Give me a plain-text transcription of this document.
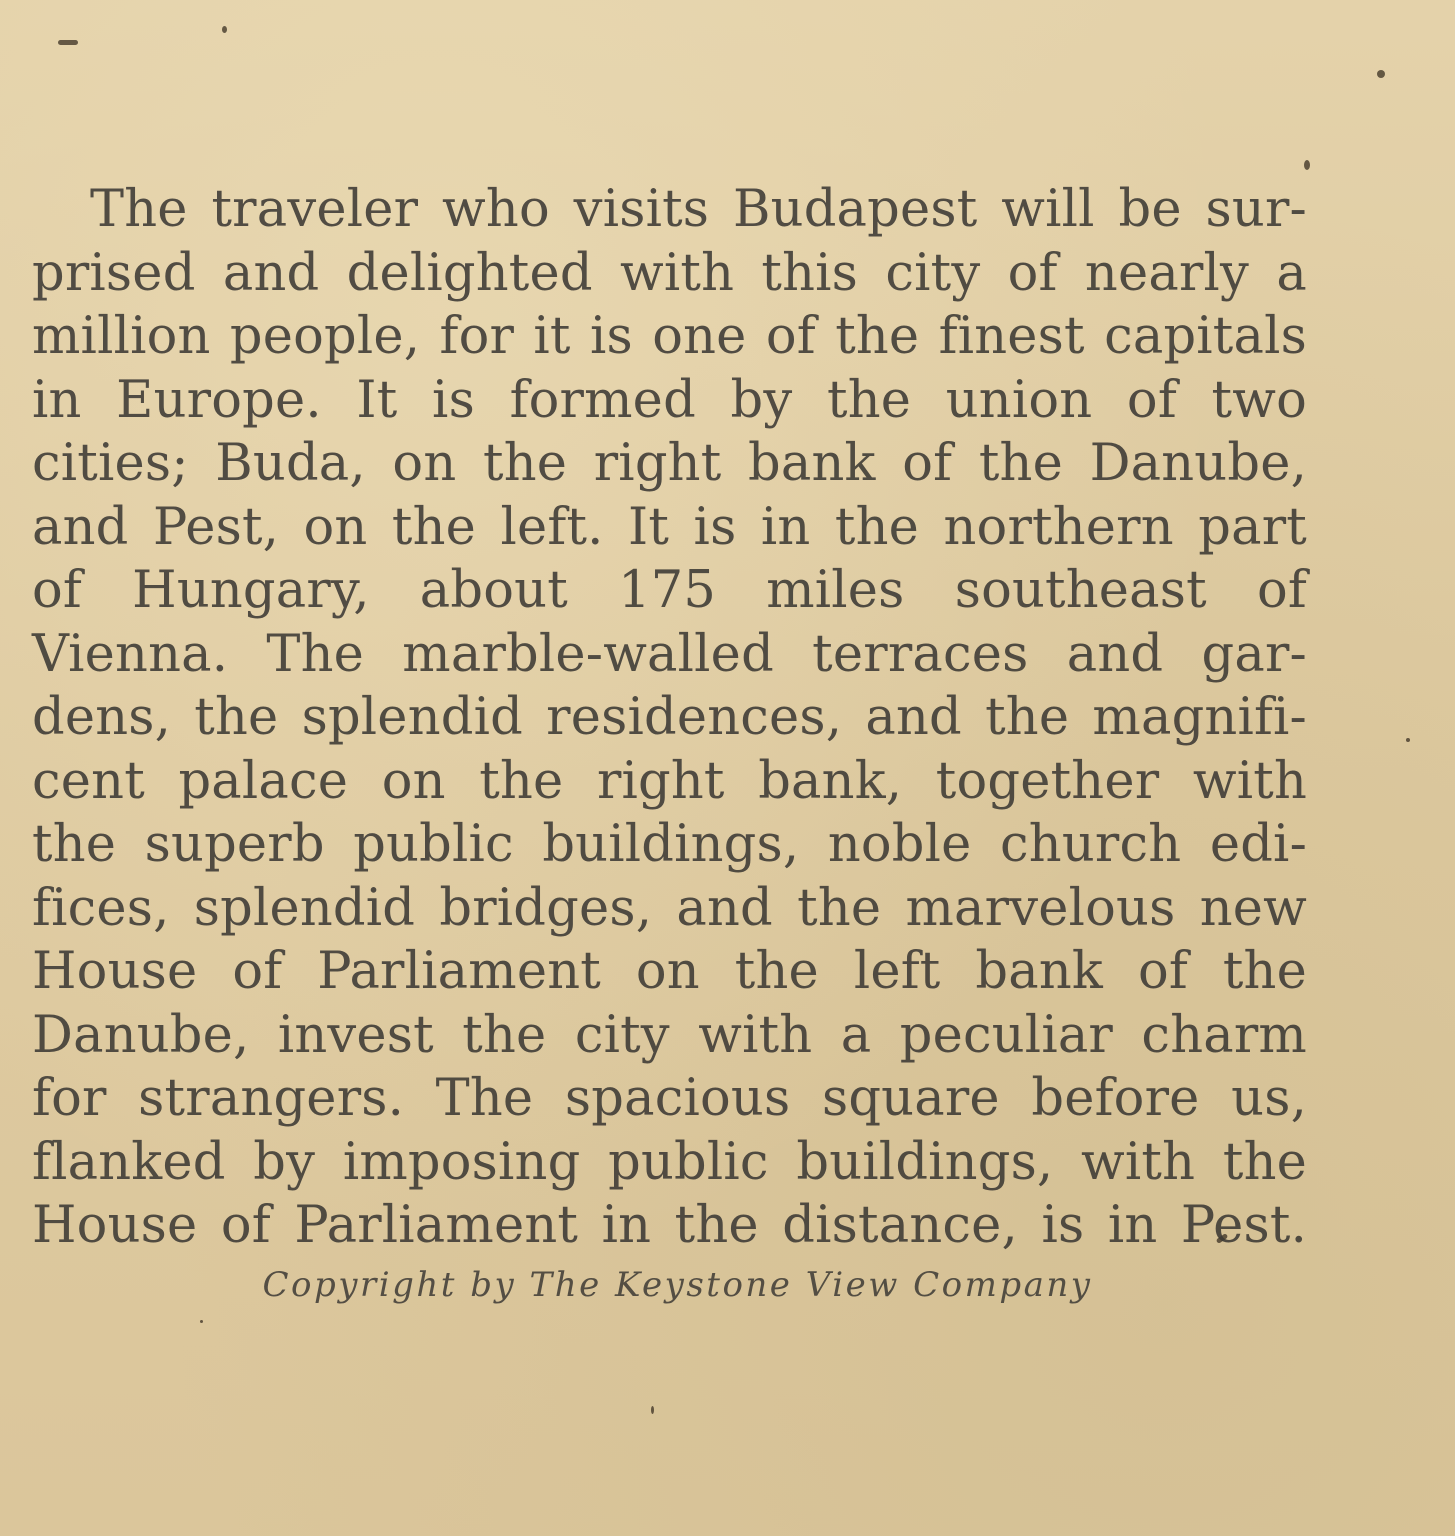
The traveler who visits Budapest will be sur-
prised and delighted with this city of nearly a
million people, for it is one of the finest capitals
in Europe. It is formed by the union of two
cities; Buda, on the right bank of the Danube,
and Pest, on the left. It is in the northern part
of Hungary, about 175 miles southeast of
Vienna. The marble-walled terraces and gar-
dens, the splendid residences, and the magnifi-
cent palace on the right bank, together with
the superb public buildings, noble church edi-
fices, splendid bridges, and the marvelous new
House of Parliament on the left bank of the
Danube, invest the city with a peculiar charm
for strangers. The spacious square before us,
flanked by imposing public buildings, with the
House of Parliament in the distance, is in Pest.
Copyright by The Keystone View Company
